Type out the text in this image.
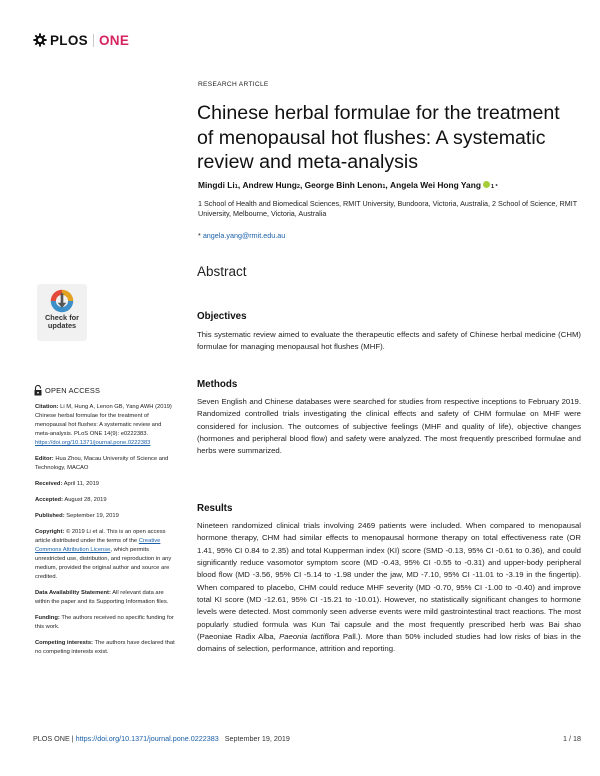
PLOS ONE
RESEARCH ARTICLE
Chinese herbal formulae for the treatment of menopausal hot flushes: A systematic review and meta-analysis
Mingdi $Li_1$ , Andrew Hung$_2$ , George Binh Lenon$_1$ , Angela Wei Hong Yang $_{1 *}$
1 School of Health and Biomedical Sciences, RMIT University, Bundoora, Victoria, Australia, 2 School of Science, RMIT University, Melbourne, Victoria, Australia
* angela.yang@rmit.edu.au
Abstract
Check for
updates
OPEN ACCESS
Citation: Li M, Hung A, Lenon GB, Yang AWH (2019) Chinese herbal formulae for the treatment of menopausal hot flushes: A systematic review and meta-analysis. PLoS ONE 14(9): e0222383. https://doi.org/10.1371/journal.pone.0222383
Editor: Hua Zhou, Macau University of Science and Technology, MACAO
Received: April 11, 2019
Accepted: August 28, 2019
Published: September 19, 2019
Copyright: © 2019 Li et al. This is an open access article distributed under the terms of the Creative Commons Attribution License, which permits unrestricted use, distribution, and reproduction in any medium, provided the original author and source are credited.
Data Availability Statement: All relevant data are within the paper and its Supporting Information files.
Funding: The authors received no specific funding for this work.
Competing interests: The authors have declared that no competing interests exist.
Objectives
This systematic review aimed to evaluate the therapeutic effects and safety of Chinese herbal medicine (CHM) formulae for managing menopausal hot flushes (MHF).
Methods
Seven English and Chinese databases were searched for studies from respective inceptions to February 2019. Randomized controlled trials investigating the clinical effects and safety of CHM formulae on MHF were considered for inclusion. The outcomes of subjective feelings (MHF and quality of life), objective changes (hormones and peripheral blood flow) and safety were analyzed. The most frequently prescribed formulae and herbs were summarized.
Results
Nineteen randomized clinical trials involving 2469 patients were included. When compared to menopausal hormone therapy, CHM had similar effects to menopausal hormone therapy on total effectiveness rate (OR 1.41, 95% CI 0.84 to 2.35) and total Kupperman index (KI) score (SMD -0.13, 95% CI -0.61 to 0.36), and could significantly reduce vasomotor symptom score (MD -0.43, 95% CI -0.55 to -0.31) and upper-body peripheral blood flow (MD -3.56, 95% CI -5.14 to -1.98 under the jaw, MD -7.10, 95% CI -11.01 to -3.19 in the fingertip). When compared to placebo, CHM could reduce MHF severity (MD -0.70, 95% CI -1.00 to -0.40) and improve total KI score (MD -12.61, 95% CI -15.21 to -10.01). However, no statistically significant changes to hormone levels were detected. Most commonly seen adverse events were mild gastrointestinal tract reactions. The most popularly studied formula was Kun Tai capsule and the most frequently prescribed herb was Bai shao (Paeoniae Radix Alba, Paeonia lactiflora Pall.). More than 50% included studies had low risks of bias in the domains of selection, performance, attrition and reporting.
PLOS ONE
|
https://doi.org/10.1371/journal.pone.0222383
September 19, 2019	1 / 18
